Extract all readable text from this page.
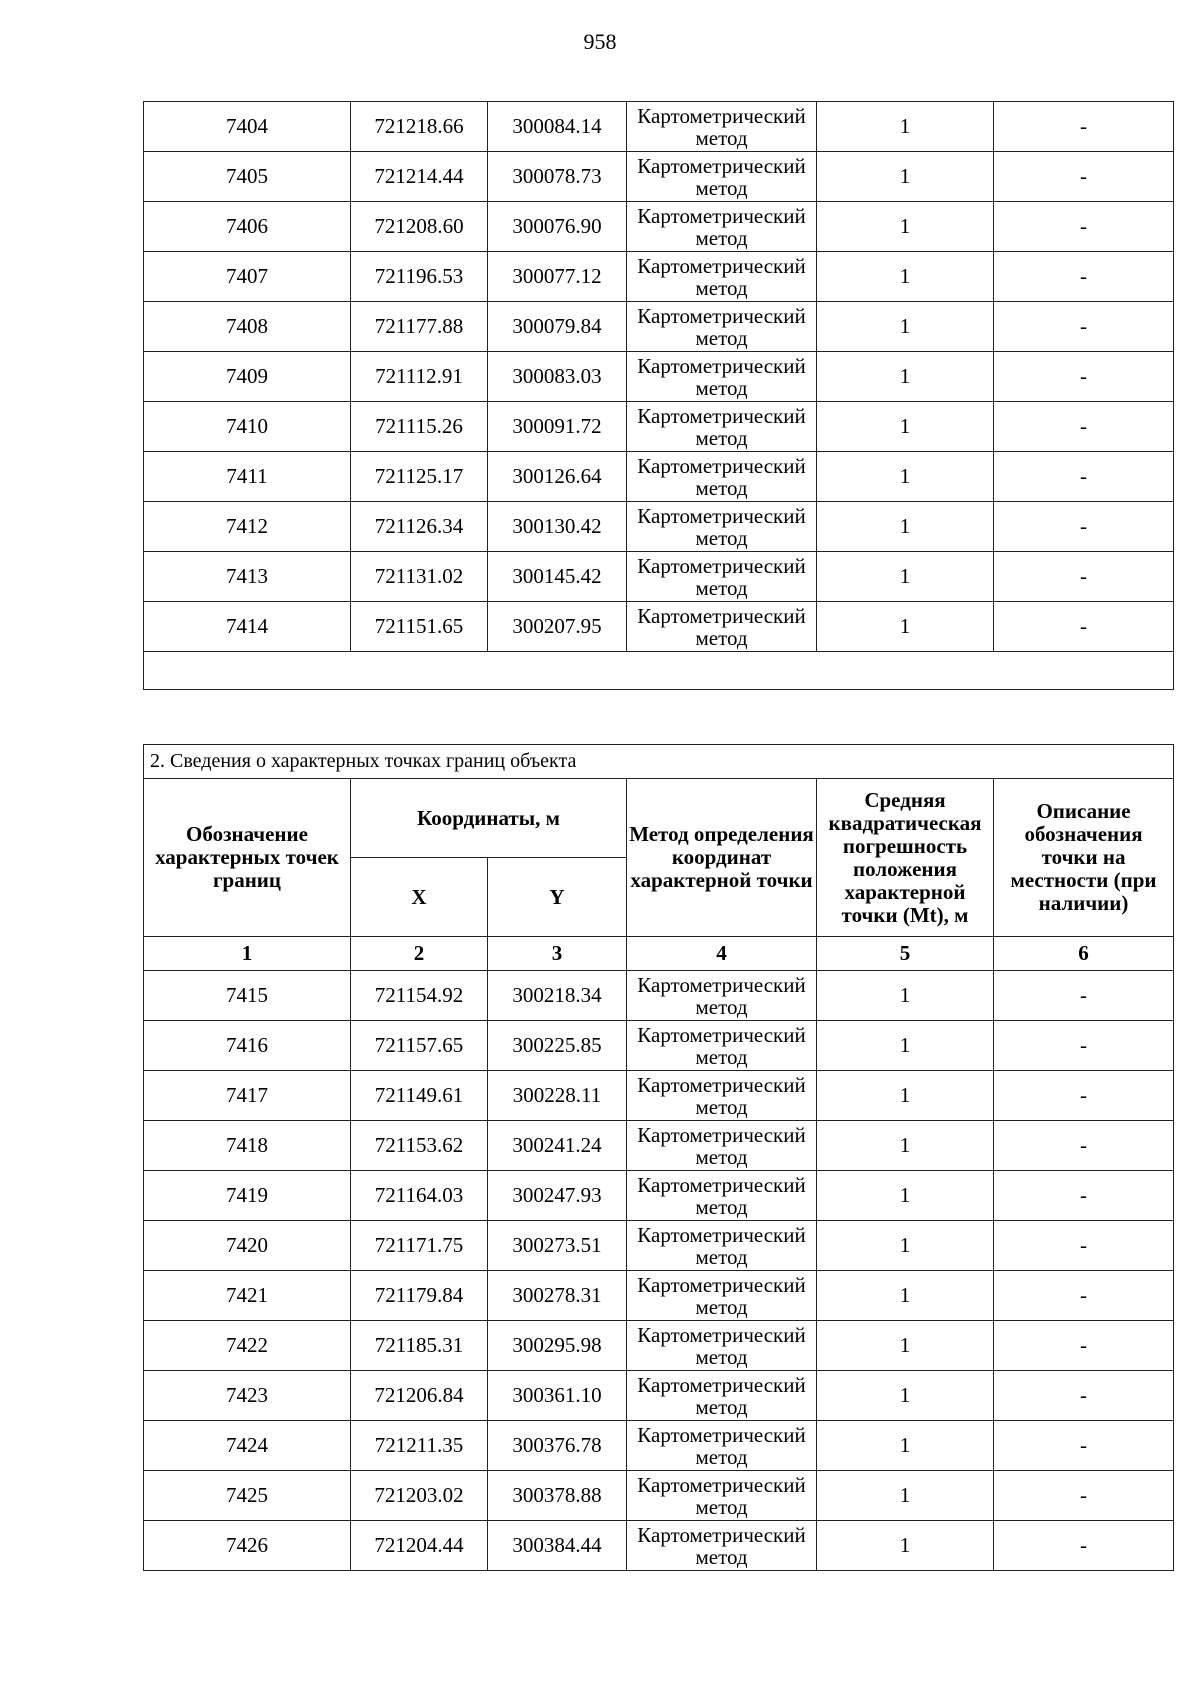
958
7404	721218.66	300084.14	Картометрический метод	1	-
7405	721214.44	300078.73	Картометрический метод	1	-
7406	721208.60	300076.90	Картометрический метод	1	-
7407	721196.53	300077.12	Картометрический метод	1	-
7408	721177.88	300079.84	Картометрический метод	1	-
7409	721112.91	300083.03	Картометрический метод	1	-
7410	721115.26	300091.72	Картометрический метод	1	-
7411	721125.17	300126.64	Картометрический метод	1	-
7412	721126.34	300130.42	Картометрический метод	1	-
7413	721131.02	300145.42	Картометрический метод	1	-
7414	721151.65	300207.95	Картометрический метод	1	-

2. Сведения о характерных точках границ объекта					
Обозначение характерных точек границ	Координаты, м		Метод определения координат характерной точки	Средняя квадратическая погрешность положения характерной точки (Mt), м	Описание обозначения точки на местности (при наличии)
	X	Y			
1	2	3	4	5	6
7415	721154.92	300218.34	Картометрический метод	1	-
7416	721157.65	300225.85	Картометрический метод	1	-
7417	721149.61	300228.11	Картометрический метод	1	-
7418	721153.62	300241.24	Картометрический метод	1	-
7419	721164.03	300247.93	Картометрический метод	1	-
7420	721171.75	300273.51	Картометрический метод	1	-
7421	721179.84	300278.31	Картометрический метод	1	-
7422	721185.31	300295.98	Картометрический метод	1	-
7423	721206.84	300361.10	Картометрический метод	1	-
7424	721211.35	300376.78	Картометрический метод	1	-
7425	721203.02	300378.88	Картометрический метод	1	-
7426	721204.44	300384.44	Картометрический метод	1	-
